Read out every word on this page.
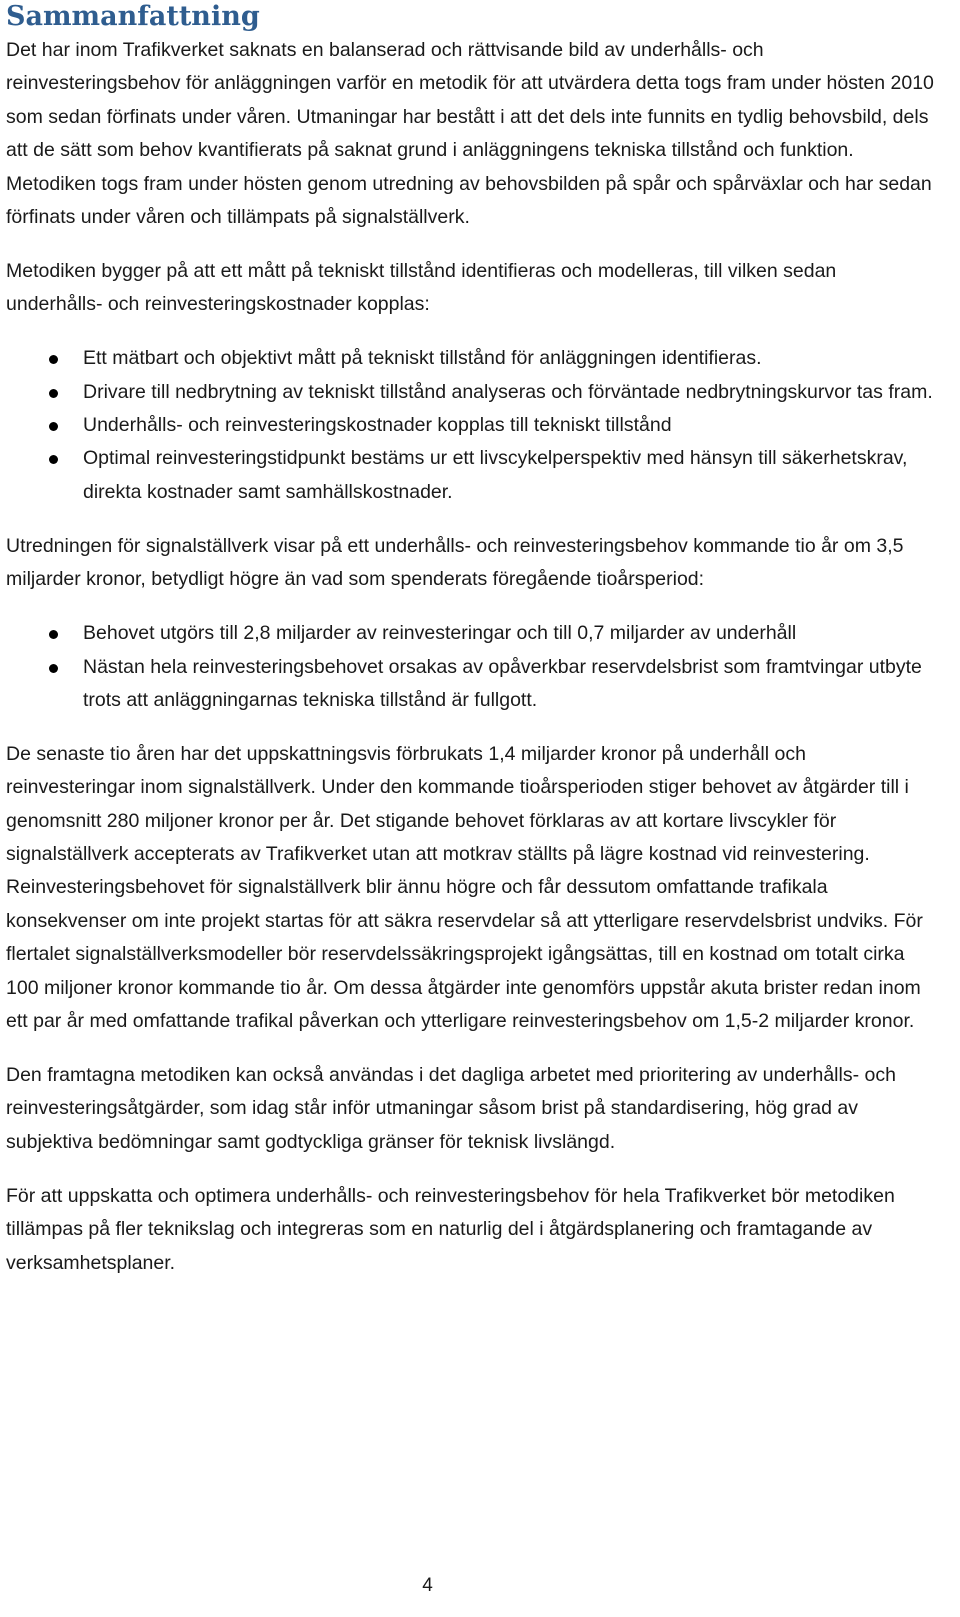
Sammanfattning

Det har inom Trafikverket saknats en balanserad och rättvisande bild av underhålls- och reinvesteringsbehov för anläggningen varför en metodik för att utvärdera detta togs fram under hösten 2010 som sedan förfinats under våren. Utmaningar har bestått i att det dels inte funnits en tydlig behovsbild, dels att de sätt som behov kvantifierats på saknat grund i anläggningens tekniska tillstånd och funktion. Metodiken togs fram under hösten genom utredning av behovsbilden på spår och spårväxlar och har sedan förfinats under våren och tillämpats på signalställverk.

Metodiken bygger på att ett mått på tekniskt tillstånd identifieras och modelleras, till vilken sedan underhålls- och reinvesteringskostnader kopplas:

Ett mätbart och objektivt mått på tekniskt tillstånd för anläggningen identifieras.
Drivare till nedbrytning av tekniskt tillstånd analyseras och förväntade nedbrytningskurvor tas fram.
Underhålls- och reinvesteringskostnader kopplas till tekniskt tillstånd
Optimal reinvesteringstidpunkt bestäms ur ett livscykelperspektiv med hänsyn till säkerhetskrav, direkta kostnader samt samhällskostnader.

Utredningen för signalställverk visar på ett underhålls- och reinvesteringsbehov kommande tio år om 3,5 miljarder kronor, betydligt högre än vad som spenderats föregående tioårsperiod:

Behovet utgörs till 2,8 miljarder av reinvesteringar och till 0,7 miljarder av underhåll
Nästan hela reinvesteringsbehovet orsakas av opåverkbar reservdelsbrist som framtvingar utbyte trots att anläggningarnas tekniska tillstånd är fullgott.

De senaste tio åren har det uppskattningsvis förbrukats 1,4 miljarder kronor på underhåll och reinvesteringar inom signalställverk. Under den kommande tioårsperioden stiger behovet av åtgärder till i genomsnitt 280 miljoner kronor per år. Det stigande behovet förklaras av att kortare livscykler för signalställverk accepterats av Trafikverket utan att motkrav ställts på lägre kostnad vid reinvestering. Reinvesteringsbehovet för signalställverk blir ännu högre och får dessutom omfattande trafikala konsekvenser om inte projekt startas för att säkra reservdelar så att ytterligare reservdelsbrist undviks. För flertalet signalställverksmodeller bör reservdelssäkringsprojekt igångsättas, till en kostnad om totalt cirka 100 miljoner kronor kommande tio år. Om dessa åtgärder inte genomförs uppstår akuta brister redan inom ett par år med omfattande trafikal påverkan och ytterligare reinvesteringsbehov om 1,5-2 miljarder kronor.

Den framtagna metodiken kan också användas i det dagliga arbetet med prioritering av underhålls- och reinvesteringsåtgärder, som idag står inför utmaningar såsom brist på standardisering, hög grad av subjektiva bedömningar samt godtyckliga gränser för teknisk livslängd.

För att uppskatta och optimera underhålls- och reinvesteringsbehov för hela Trafikverket bör metodiken tillämpas på fler teknikslag och integreras som en naturlig del i åtgärdsplanering och framtagande av verksamhetsplaner.

4
